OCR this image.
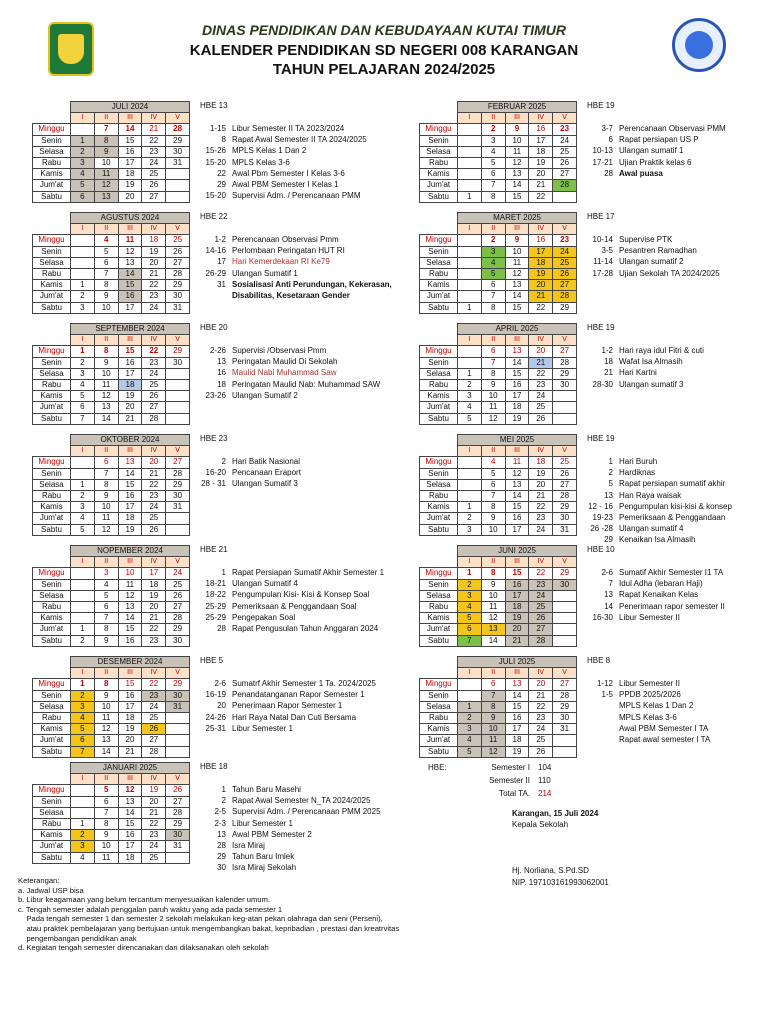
DINAS PENDIDIKAN DAN KEBUDAYAAN KUTAI TIMUR
KALENDER PENDIDIKAN SD NEGERI 008 KARANGAN
TAHUN PELAJARAN 2024/2025
	JULI 2024				
	I	II	III	IV	V
Minggu		7	14	21	28
Senin	1	8	15	22	29
Selasa	2	9	16	23	30
Rabu	3	10	17	24	31
Kamis	4	11	18	25	
Jum'at	5	12	19	26	
Sabtu	6	13	20	27	
HBE 13
1-15 Libur Semester II TA 2023/2024
8 Rapat Awal Semester II TA 2024/2025
15-26 MPLS Kelas 1 Dan 2
15-20 MPLS Kelas 3-6
22 Awal Pbm Semester I Kelas 3-6
29 Awal PBM Semester I Kelas 1
15-20 Supervisi Adm. / Perencanaan PMM
	AGUSTUS 2024				
	I	II	III	IV	V
Minggu		4	11	18	25
Senin		5	12	19	26
Selasa		6	13	20	27
Rabu		7	14	21	28
Kamis	1	8	15	22	29
Jum'at	2	9	16	23	30
Sabtu	3	10	17	24	31
HBE 22
1-2 Perencanaan Observasi Pmm
14-16 Perlombaan Peringatan HUT RI
17 Hari Kemerdekaan RI Ke79
26-29 Ulangan Sumatif 1
31 Sosialisasi Anti Perundungan, Kekerasan,
Disabilitas, Kesetaraan Gender
	SEPTEMBER 2024				
	I	II	III	IV	V
Minggu	1	8	15	22	29
Senin	2	9	16	23	30
Selasa	3	10	17	24	
Rabu	4	11	18	25	
Kamis	5	12	19	26	
Jum'at	6	13	20	27	
Sabtu	7	14	21	28	
HBE 20
2-26 Supervisi /Observasi Pmm
13 Peringatan Maulid Di Sekolah
16 Maulid Nabi Muhammad Saw
18 Peringatan Maulid Nab: Muhammad SAW
23-26 Ulangan Sumatif 2
	OKTOBER 2024				
	I	II	III	IV	V
Minggu		6	13	20	27
Senin		7	14	21	28
Selasa	1	8	15	22	29
Rabu	2	9	16	23	30
Kamis	3	10	17	24	31
Jum'at	4	11	18	25	
Sabtu	5	12	19	26	
HBE 23
2 Hari Batik Nasional
16-20 Pencanaan Eraport
28 - 31 Ulangan Sumatif 3
	NOPEMBER 2024				
	I	II	III	IV	V
Minggu		3	10	17	24
Senin		4	11	18	25
Selasa		5	12	19	26
Rabu		6	13	20	27
Kamis		7	14	21	28
Jum'at	1	8	15	22	29
Sabtu	2	9	16	23	30
HBE 21
1 Rapat Persiapan Sumatif Akhir Semester 1
18-21 Ulangan Sumatif 4
18-22 Pengumpulan Kisi- Kisi & Konsep Soal
25-29 Pemeriksaan & Penggandaan Soal
25-29 Pengepakan Soal
28 Rapat Pengusulan Tahun Anggaran 2024
	DESEMBER 2024				
	I	II	III	IV	V
Minggu	1	8	15	22	29
Senin	2	9	16	23	30
Selasa	3	10	17	24	31
Rabu	4	11	18	25	
Kamis	5	12	19	26	
Jum'at	6	13	20	27	
Sabtu	7	14	21	28	
HBE 5
2-6 Sumatrf Akhir Semester 1 Ta. 2024/2025
16-19 Penandatanganan Rapor Semester 1
20 Penerimaan Rapor Semester 1
24-26 Hari Raya Natal Dan Cuti Bersama
25-31 Libur Semester 1
	JANUARI 2025				
	I	II	III	IV	V
Minggu		5	12	19	26
Senin		6	13	20	27
Selasa		7	14	21	28
Rabu	1	8	15	22	29
Kamis	2	9	16	23	30
Jum'at	3	10	17	24	31
Sabtu	4	11	18	25	
HBE 18
1 Tahun Baru Masehi
2 Rapat Awal Semester N_TA 2024/2025
2-5 Supervisi Adm. / Perencanaan PMM 2025
2-3 Libur Semester 1
13 Awal PBM Semester 2
28 Isra Miraj
29 Tahun Baru Imlek
30 Isra Miraj Sekolah
	FEBRUAR 2025				
	I	II	III	IV	V
Minggu		2	9	16	23
Senin		3	10	17	24
Selasa		4	11	18	25
Rabu		5	12	19	26
Kamis		6	13	20	27
Jum'at		7	14	21	28
Sabtu	1	8	15	22	
HBE 19
3-7 Perencanaan Observasi PMM
6 Rapat persiapan US P
10-13 Ulangan sumatif 1
17-21 Ujian Praktik kelas 6
28 Awal puasa
	MARET 2025				
	I	II	III	IV	V
Minggu		2	9	16	23
Senin		3	10	17	24
Selasa		4	11	18	25
Rabu		5	12	19	26
Kamis		6	13	20	27
Jum'at		7	14	21	28
Sabtu	1	8	15	22	29
HBE 17
10-14 Supervise PTK
3-5 Pesantren Ramadhan
11-14 Ulangan sumatif 2
17-28 Ujian Sekolah TA 2024/2025
	APRIL 2025				
	I	II	III	IV	V
Minggu		6	13	20	27
Senin		7	14	21	28
Selasa	1	8	15	22	29
Rabu	2	9	16	23	30
Kamis	3	10	17	24	
Jum'at	4	11	18	25	
Sabtu	5	12	19	26	
HBE 19
1-2 Hari raya idul Fitri & cuti
18 Wafat Isa Almasih
21 Hari Kartni
28-30 Ulangan sumatif 3
	MEI 2025				
	I	II	III	IV	V
Minggu		4	11	18	25
Senin		5	12	19	26
Selasa		6	13	20	27
Rabu		7	14	21	28
Kamis	1	8	15	22	29
Jum'at	2	9	16	23	30
Sabtu	3	10	17	24	31
HBE 19
1 Hari Buruh
2 Hardiknas
5 Rapat persiapan sumatif akhir
13 Han Raya waisak
12 - 16 Pengumpulan kisi-kisi & konsep
19-23 Pemeriksaan & Penggandaan
26 -28 Ulangan sumatif 4
29 Kenaikan Isa Almasih
	JUNI 2025				
	I	II	III	IV	V
Minggu	1	8	15	22	29
Senin	2	9	16	23	30
Selasa	3	10	17	24	
Rabu	4	11	18	25	
Kamis	5	12	19	26	
Jum'at	6	13	20	27	
Sabtu	7	14	21	28	
HBE 10
2-6 Sumatif Akhir Semester I1 TA
7 Idul Adha (lebaran Haji)
13 Rapat Kenaikan Kelas
14 Penerimaan rapor semester II
16-30 Libur Semester II
	JULI 2025				
	I	II	III	IV	V
Minggu		6	13	20	27
Senin		7	14	21	28
Selasa	1	8	15	22	29
Rabu	2	9	16	23	30
Kamis	3	10	17	24	31
Jum'at	4	11	18	25	
Sabtu	5	12	19	26	
HBE 8
1-12 Libur Semester II
1-5 PPDB 2025/2026
MPLS Kelas 1 Dan 2
MPLS Kelas 3-6
Awal PBM Semester I TA
Rapat awal semester I TA
HBE:	Semester I	104
Semester II	110
Total TA.	214
Karangan, 15 Juli 2024
Kepala Sekolah
Hj. Norliana, S.Pd.SD
NIP. 197103161993062001
Keterangan:
a. Jadwal USP bisa
b. Libur keagamaan yang belum tercantum menyesuaikan kalender umum.
c. Tengah semester adalah penggalan paruh waktu yang ada pada semester 1
Pada tengah semester 1 dan semester 2 sekolah melakukan keg-atan pekan olahraga dan seni (Perseni),
atau praktek pembelajaran yang bertujuan untuk mengembangkan bakat, kepribadian , prestasi dan kreatrvitas
pengembangan pendidikan anak
d. Kegiatan tengah semester direncanakan dan dilaksanakan oleh sekolah
